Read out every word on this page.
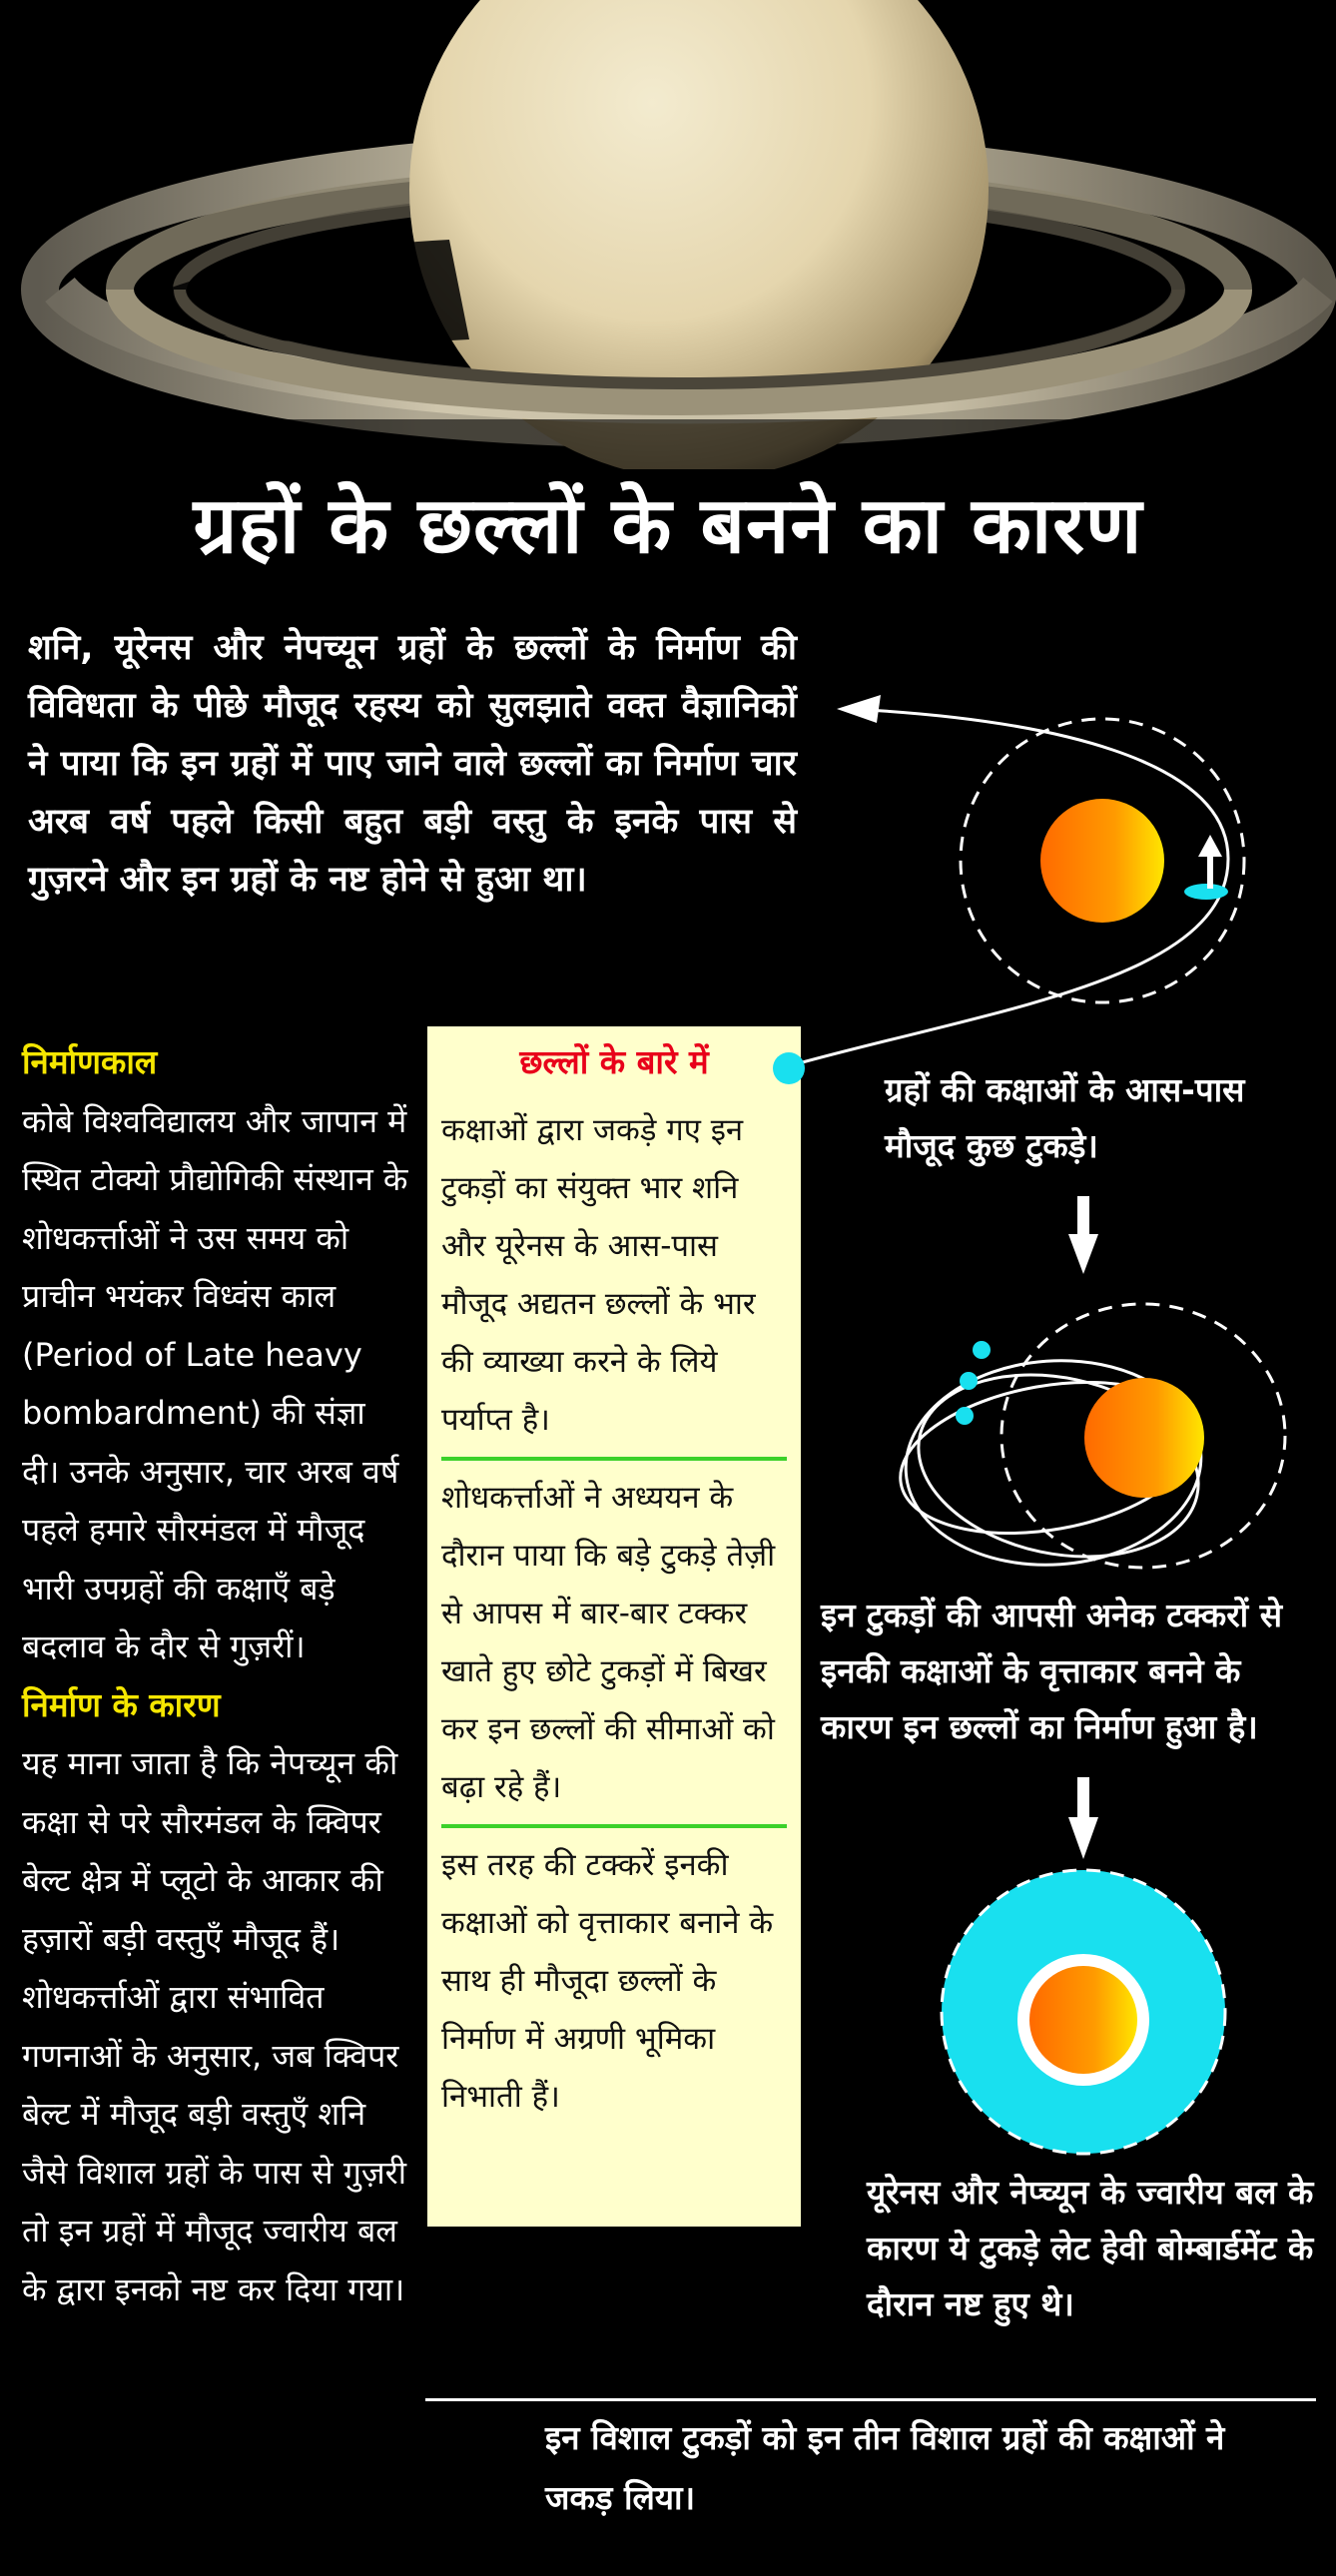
ग्रहों के छल्लों के बनने का कारण
शनि, यूरेनस और नेपच्यून ग्रहों के छल्लों के निर्माण की विविधता के पीछे मौजूद रहस्य को सुलझाते वक्त वैज्ञानिकों ने पाया कि इन ग्रहों में पाए जाने वाले छल्लों का निर्माण चार अरब वर्ष पहले किसी बहुत बड़ी वस्तु के इनके पास से गुज़रने और इन ग्रहों के नष्ट होने से हुआ था।
निर्माणकाल
कोबे विश्वविद्यालय और जापान में स्थित टोक्यो प्रौद्योगिकी संस्थान के शोधकर्त्ताओं ने उस समय को प्राचीन भयंकर विध्वंस काल (Period of Late heavy bombardment) की संज्ञा दी। उनके अनुसार, चार अरब वर्ष पहले हमारे सौरमंडल में मौजूद भारी उपग्रहों की कक्षाएँ बड़े बदलाव के दौर से गुज़रीं।
निर्माण के कारण
यह माना जाता है कि नेपच्यून की कक्षा से परे सौरमंडल के क्विपर बेल्ट क्षेत्र में प्लूटो के आकार की हज़ारों बड़ी वस्तुएँ मौजूद हैं।
शोधकर्त्ताओं द्वारा संभावित गणनाओं के अनुसार, जब क्विपर बेल्ट में मौजूद बड़ी वस्तुएँ शनि जैसे विशाल ग्रहों के पास से गुज़री तो इन ग्रहों में मौजूद ज्वारीय बल के द्वारा इनको नष्ट कर दिया गया।
छल्लों के बारे में
कक्षाओं द्वारा जकड़े गए इन टुकड़ों का संयुक्त भार शनि और यूरेनस के आस-पास मौजूद अद्यतन छल्लों के भार की व्याख्या करने के लिये पर्याप्त है।
शोधकर्त्ताओं ने अध्ययन के दौरान पाया कि बड़े टुकड़े तेज़ी से आपस में बार-बार टक्कर खाते हुए छोटे टुकड़ों में बिखर कर इन छल्लों की सीमाओं को बढ़ा रहे हैं।
इस तरह की टक्करें इनकी कक्षाओं को वृत्ताकार बनाने के साथ ही मौजूदा छल्लों के निर्माण में अग्रणी भूमिका निभाती हैं।
ग्रहों की कक्षाओं के आस-पास मौजूद कुछ टुकड़े।
इन टुकड़ों की आपसी अनेक टक्करों से इनकी कक्षाओं के वृत्ताकार बनने के कारण इन छल्लों का निर्माण हुआ है।
यूरेनस और नेप्च्यून के ज्वारीय बल के कारण ये टुकड़े लेट हेवी बोम्बार्डमेंट के दौरान नष्ट हुए थे।
इन विशाल टुकड़ों को इन तीन विशाल ग्रहों की कक्षाओं ने जकड़ लिया।
